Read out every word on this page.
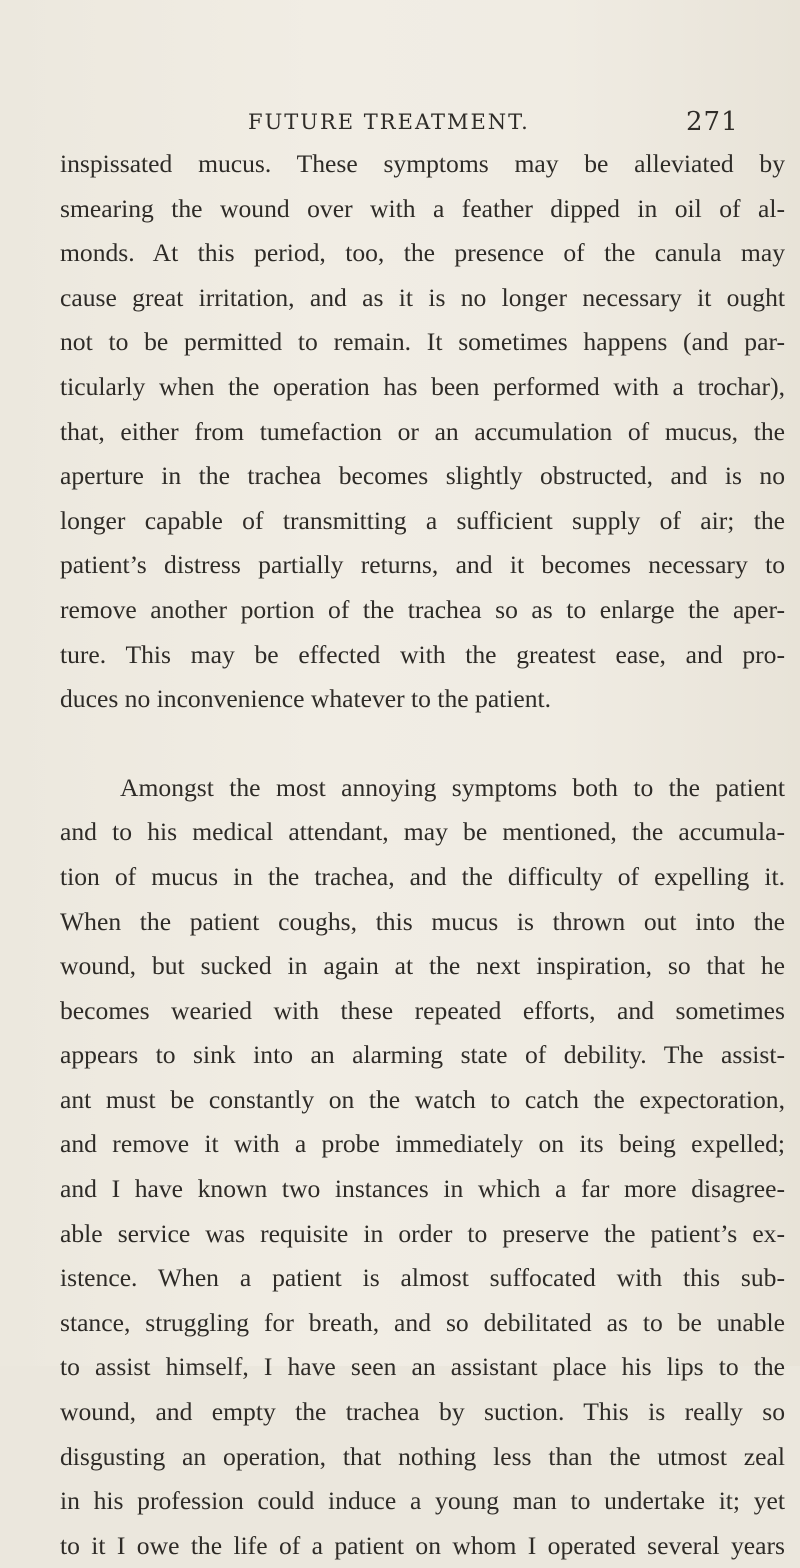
FUTURE TREATMENT.	271
inspissated mucus. These symptoms may be alleviated by
smearing the wound over with a feather dipped in oil of al-
monds. At this period, too, the presence of the canula may
cause great irritation, and as it is no longer necessary it ought
not to be permitted to remain. It sometimes happens (and par-
ticularly when the operation has been performed with a trochar),
that, either from tumefaction or an accumulation of mucus, the
aperture in the trachea becomes slightly obstructed, and is no
longer capable of transmitting a sufficient supply of air; the
patient’s distress partially returns, and it becomes necessary to
remove another portion of the trachea so as to enlarge the aper-
ture. This may be effected with the greatest ease, and pro-
duces no inconvenience whatever to the patient.
Amongst the most annoying symptoms both to the patient
and to his medical attendant, may be mentioned, the accumula-
tion of mucus in the trachea, and the difficulty of expelling it.
When the patient coughs, this mucus is thrown out into the
wound, but sucked in again at the next inspiration, so that he
becomes wearied with these repeated efforts, and sometimes
appears to sink into an alarming state of debility. The assist-
ant must be constantly on the watch to catch the expectoration,
and remove it with a probe immediately on its being expelled;
and I have known two instances in which a far more disagree-
able service was requisite in order to preserve the patient’s ex-
istence. When a patient is almost suffocated with this sub-
stance, struggling for breath, and so debilitated as to be unable
to assist himself, I have seen an assistant place his lips to the
wound, and empty the trachea by suction. This is really so
disgusting an operation, that nothing less than the utmost zeal
in his profession could induce a young man to undertake it; yet
to it I owe the life of a patient on whom I operated several years
